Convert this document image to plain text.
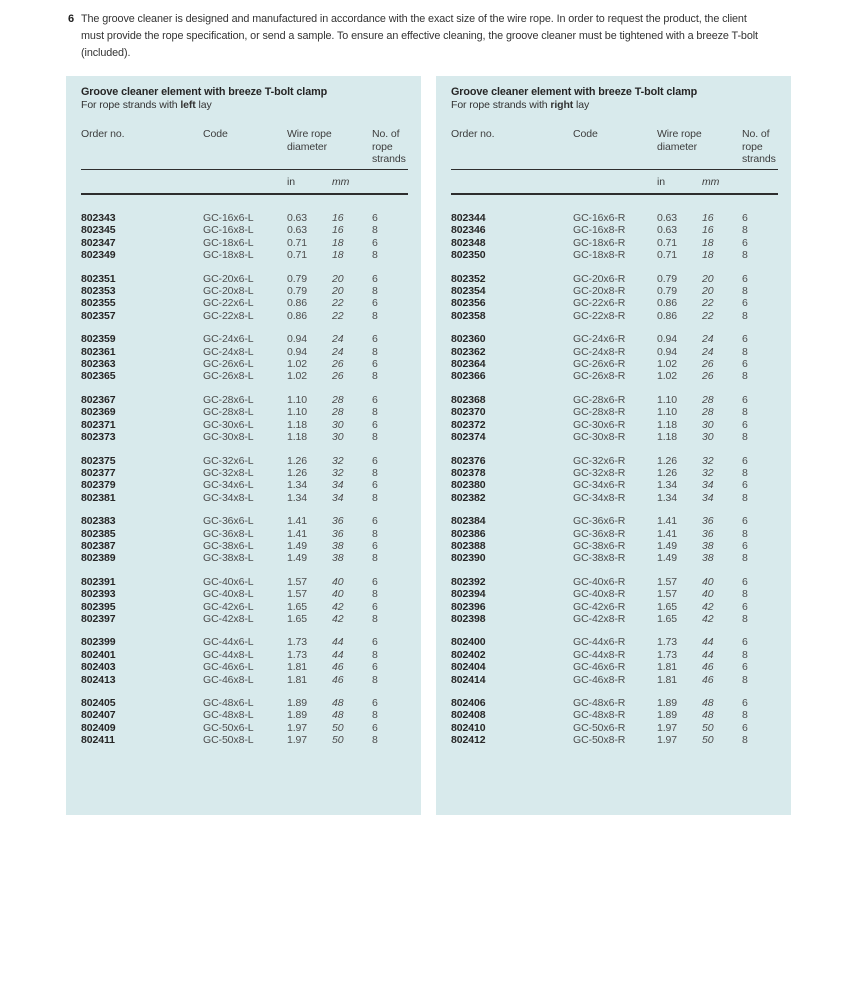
6 The groove cleaner is designed and manufactured in accordance with the exact size of the wire rope. In order to request the product, the client must provide the rope specification, or send a sample. To ensure an effective cleaning, the groove cleaner must be tightened with a breeze T-bolt (included).
Groove cleaner element with breeze T-bolt clamp
For rope strands with left lay
Order no.	Code	Wire rope diameter
No. of rope strands
in	mm
802343	GC-16x6-L	0.63	16	6
802345	GC-16x8-L	0.63	16	8
802347	GC-18x6-L	0.71	18	6
802349	GC-18x8-L	0.71	18	8
802351	GC-20x6-L	0.79	20	6
802353	GC-20x8-L	0.79	20	8
802355	GC-22x6-L	0.86	22	6
802357	GC-22x8-L	0.86	22	8
802359	GC-24x6-L	0.94	24	6
802361	GC-24x8-L	0.94	24	8
802363	GC-26x6-L	1.02	26	6
802365	GC-26x8-L	1.02	26	8
802367	GC-28x6-L	1.10	28	6
802369	GC-28x8-L	1.10	28	8
802371	GC-30x6-L	1.18	30	6
802373	GC-30x8-L	1.18	30	8
802375	GC-32x6-L	1.26	32	6
802377	GC-32x8-L	1.26	32	8
802379	GC-34x6-L	1.34	34	6
802381	GC-34x8-L	1.34	34	8
802383	GC-36x6-L	1.41	36	6
802385	GC-36x8-L	1.41	36	8
802387	GC-38x6-L	1.49	38	6
802389	GC-38x8-L	1.49	38	8
802391	GC-40x6-L	1.57	40	6
802393	GC-40x8-L	1.57	40	8
802395	GC-42x6-L	1.65	42	6
802397	GC-42x8-L	1.65	42	8
802399	GC-44x6-L	1.73	44	6
802401	GC-44x8-L	1.73	44	8
802403	GC-46x6-L	1.81	46	6
802413	GC-46x8-L	1.81	46	8
802405	GC-48x6-L	1.89	48	6
802407	GC-48x8-L	1.89	48	8
802409	GC-50x6-L	1.97	50	6
802411	GC-50x8-L	1.97	50	8
Groove cleaner element with breeze T-bolt clamp
For rope strands with right lay
Order no.	Code	Wire rope diameter
No. of rope strands
in	mm
802344	GC-16x6-R	0.63	16	6
802346	GC-16x8-R	0.63	16	8
802348	GC-18x6-R	0.71	18	6
802350	GC-18x8-R	0.71	18	8
802352	GC-20x6-R	0.79	20	6
802354	GC-20x8-R	0.79	20	8
802356	GC-22x6-R	0.86	22	6
802358	GC-22x8-R	0.86	22	8
802360	GC-24x6-R	0.94	24	6
802362	GC-24x8-R	0.94	24	8
802364	GC-26x6-R	1.02	26	6
802366	GC-26x8-R	1.02	26	8
802368	GC-28x6-R	1.10	28	6
802370	GC-28x8-R	1.10	28	8
802372	GC-30x6-R	1.18	30	6
802374	GC-30x8-R	1.18	30	8
802376	GC-32x6-R	1.26	32	6
802378	GC-32x8-R	1.26	32	8
802380	GC-34x6-R	1.34	34	6
802382	GC-34x8-R	1.34	34	8
802384	GC-36x6-R	1.41	36	6
802386	GC-36x8-R	1.41	36	8
802388	GC-38x6-R	1.49	38	6
802390	GC-38x8-R	1.49	38	8
802392	GC-40x6-R	1.57	40	6
802394	GC-40x8-R	1.57	40	8
802396	GC-42x6-R	1.65	42	6
802398	GC-42x8-R	1.65	42	8
802400	GC-44x6-R	1.73	44	6
802402	GC-44x8-R	1.73	44	8
802404	GC-46x6-R	1.81	46	6
802414	GC-46x8-R	1.81	46	8
802406	GC-48x6-R	1.89	48	6
802408	GC-48x8-R	1.89	48	8
802410	GC-50x6-R	1.97	50	6
802412	GC-50x8-R	1.97	50	8
